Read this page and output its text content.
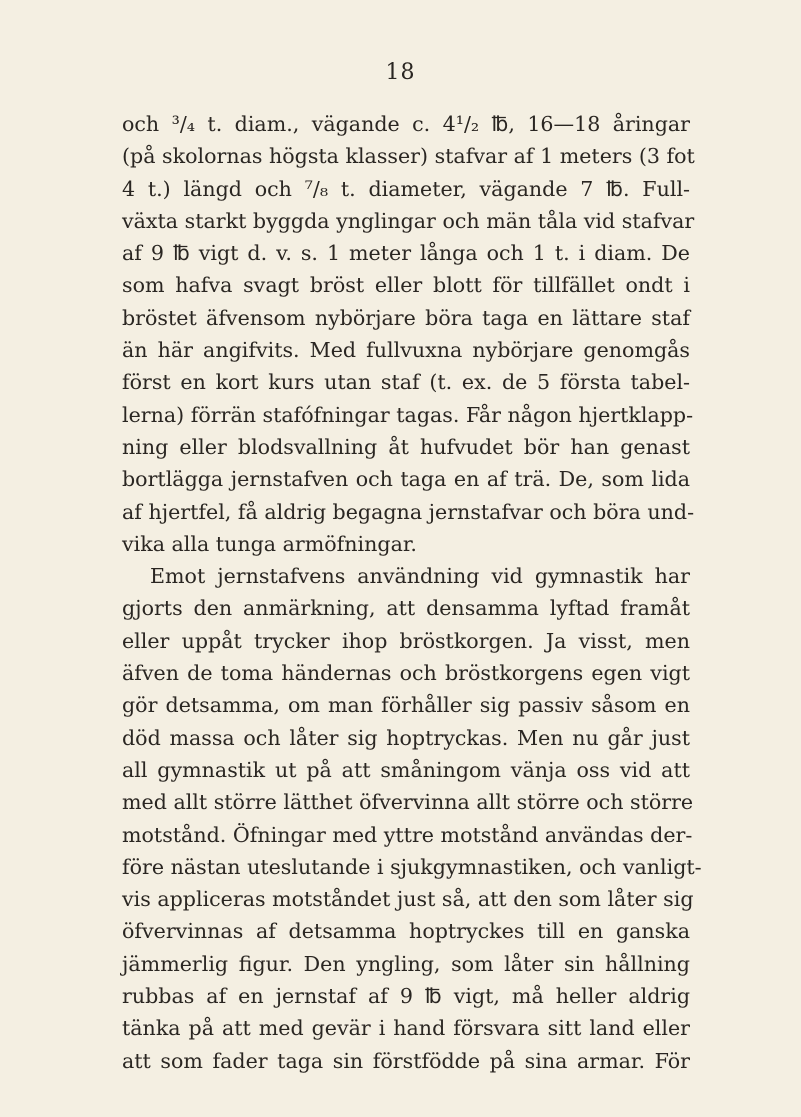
18
och ³/₄ t. diam., vägande c. 4¹/₂ ℔, 16—18 åringar
(på skolornas högsta klasser) stafvar af 1 meters (3 fot
4 t.) längd och ⁷/₈ t. diameter, vägande 7 ℔. Full-
växta starkt byggda ynglingar och män tåla vid stafvar
af 9 ℔ vigt d. v. s. 1 meter långa och 1 t. i diam. De
som hafva svagt bröst eller blott för tillfället ondt i
bröstet äfvensom nybörjare böra taga en lättare staf
än här angifvits. Med fullvuxna nybörjare genomgås
först en kort kurs utan staf (t. ex. de 5 första tabel-
lerna) förrän stafófningar tagas. Får någon hjertklapp-
ning eller blodsvallning åt hufvudet bör han genast
bortlägga jernstafven och taga en af trä. De, som lida
af hjertfel, få aldrig begagna jernstafvar och böra und-
vika alla tunga armöfningar.
Emot jernstafvens användning vid gymnastik har
gjorts den anmärkning, att densamma lyftad framåt
eller uppåt trycker ihop bröstkorgen. Ja visst, men
äfven de toma händernas och bröstkorgens egen vigt
gör detsamma, om man förhåller sig passiv såsom en
död massa och låter sig hoptryckas. Men nu går just
all gymnastik ut på att småningom vänja oss vid att
med allt större lätthet öfvervinna allt större och större
motstånd. Öfningar med yttre motstånd användas der-
före nästan uteslutande i sjukgymnastiken, och vanligt-
vis appliceras motståndet just så, att den som låter sig
öfvervinnas af detsamma hoptryckes till en ganska
jämmerlig figur. Den yngling, som låter sin hållning
rubbas af en jernstaf af 9 ℔ vigt, må heller aldrig
tänka på att med gevär i hand försvara sitt land eller
att som fader taga sin förstfödde på sina armar. För
